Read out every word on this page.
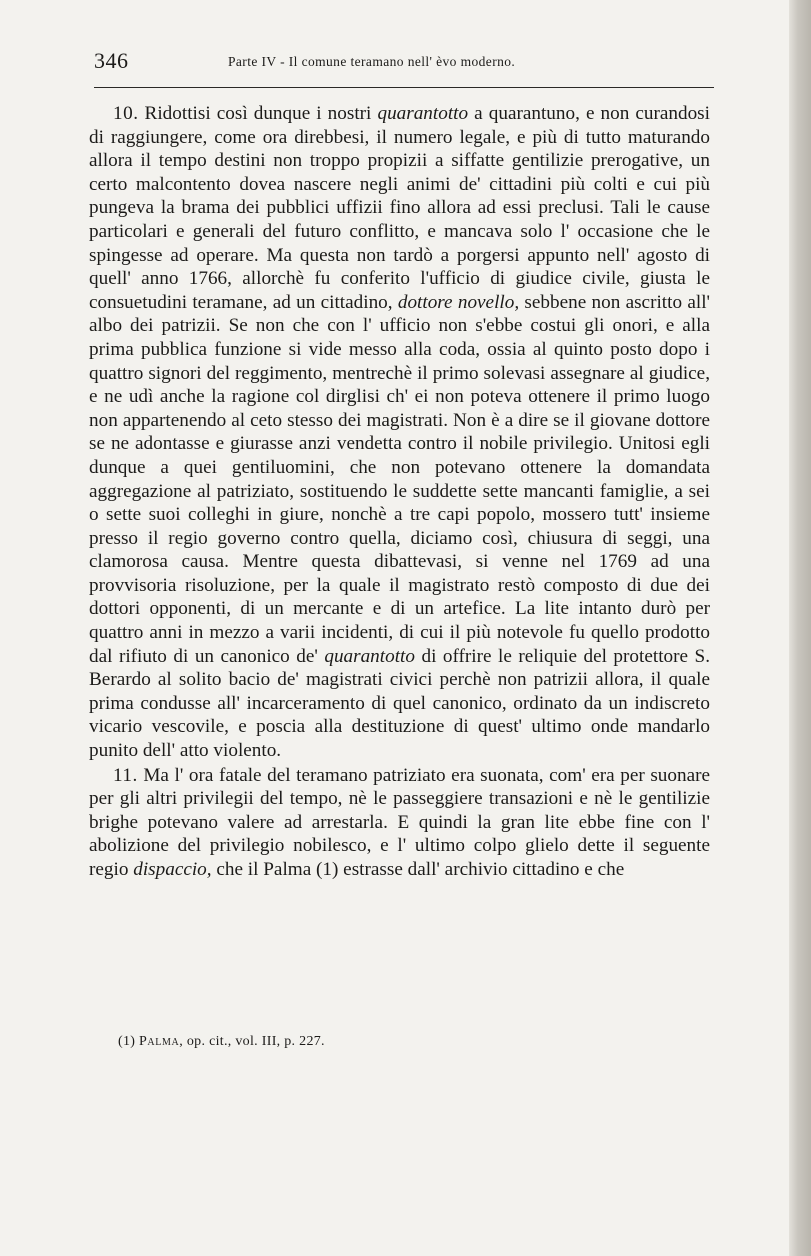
346	Parte IV - Il comune teramano nell' èvo moderno.

10. Ridottisi così dunque i nostri quarantotto a quarantuno, e non curandosi di raggiungere, come ora direbbesi, il numero legale, e più di tutto maturando allora il tempo destini non troppo propizii a siffatte gentilizie prerogative, un certo malcontento dovea nascere negli animi de' cittadini più colti e cui più pungeva la brama dei pubblici uffizii fino allora ad essi preclusi. Tali le cause particolari e generali del futuro conflitto, e mancava solo l' occasione che le spingesse ad operare. Ma questa non tardò a porgersi appunto nell' agosto di quell' anno 1766, allorchè fu conferito l'ufficio di giudice civile, giusta le consuetudini teramane, ad un cittadino, dottore novello, sebbene non ascritto all' albo dei patrizii. Se non che con l' ufficio non s'ebbe costui gli onori, e alla prima pubblica funzione si vide messo alla coda, ossia al quinto posto dopo i quattro signori del reggimento, mentrechè il primo solevasi assegnare al giudice, e ne udì anche la ragione col dirglisi ch' ei non poteva ottenere il primo luogo non appartenendo al ceto stesso dei magistrati. Non è a dire se il giovane dottore se ne adontasse e giurasse anzi vendetta contro il nobile privilegio. Unitosi egli dunque a quei gentiluomini, che non potevano ottenere la domandata aggregazione al patriziato, sostituendo le suddette sette mancanti famiglie, a sei o sette suoi colleghi in giure, nonchè a tre capi popolo, mossero tutt' insieme presso il regio governo contro quella, diciamo così, chiusura di seggi, una clamorosa causa. Mentre questa dibattevasi, si venne nel 1769 ad una provvisoria risoluzione, per la quale il magistrato restò composto di due dei dottori opponenti, di un mercante e di un artefice. La lite intanto durò per quattro anni in mezzo a varii incidenti, di cui il più notevole fu quello prodotto dal rifiuto di un canonico de' quarantotto di offrire le reliquie del protettore S. Berardo al solito bacio de' magistrati civici perchè non patrizii allora, il quale prima condusse all' incarceramento di quel canonico, ordinato da un indiscreto vicario vescovile, e poscia alla destituzione di quest' ultimo onde mandarlo punito dell' atto violento.

11. Ma l' ora fatale del teramano patriziato era suonata, com' era per suonare per gli altri privilegii del tempo, nè le passeggiere transazioni e nè le gentilizie brighe potevano valere ad arrestarla. E quindi la gran lite ebbe fine con l' abolizione del privilegio nobilesco, e l' ultimo colpo glielo dette il seguente regio dispaccio, che il Palma (1) estrasse dall' archivio cittadino e che

(1) Palma, op. cit., vol. III, p. 227.
